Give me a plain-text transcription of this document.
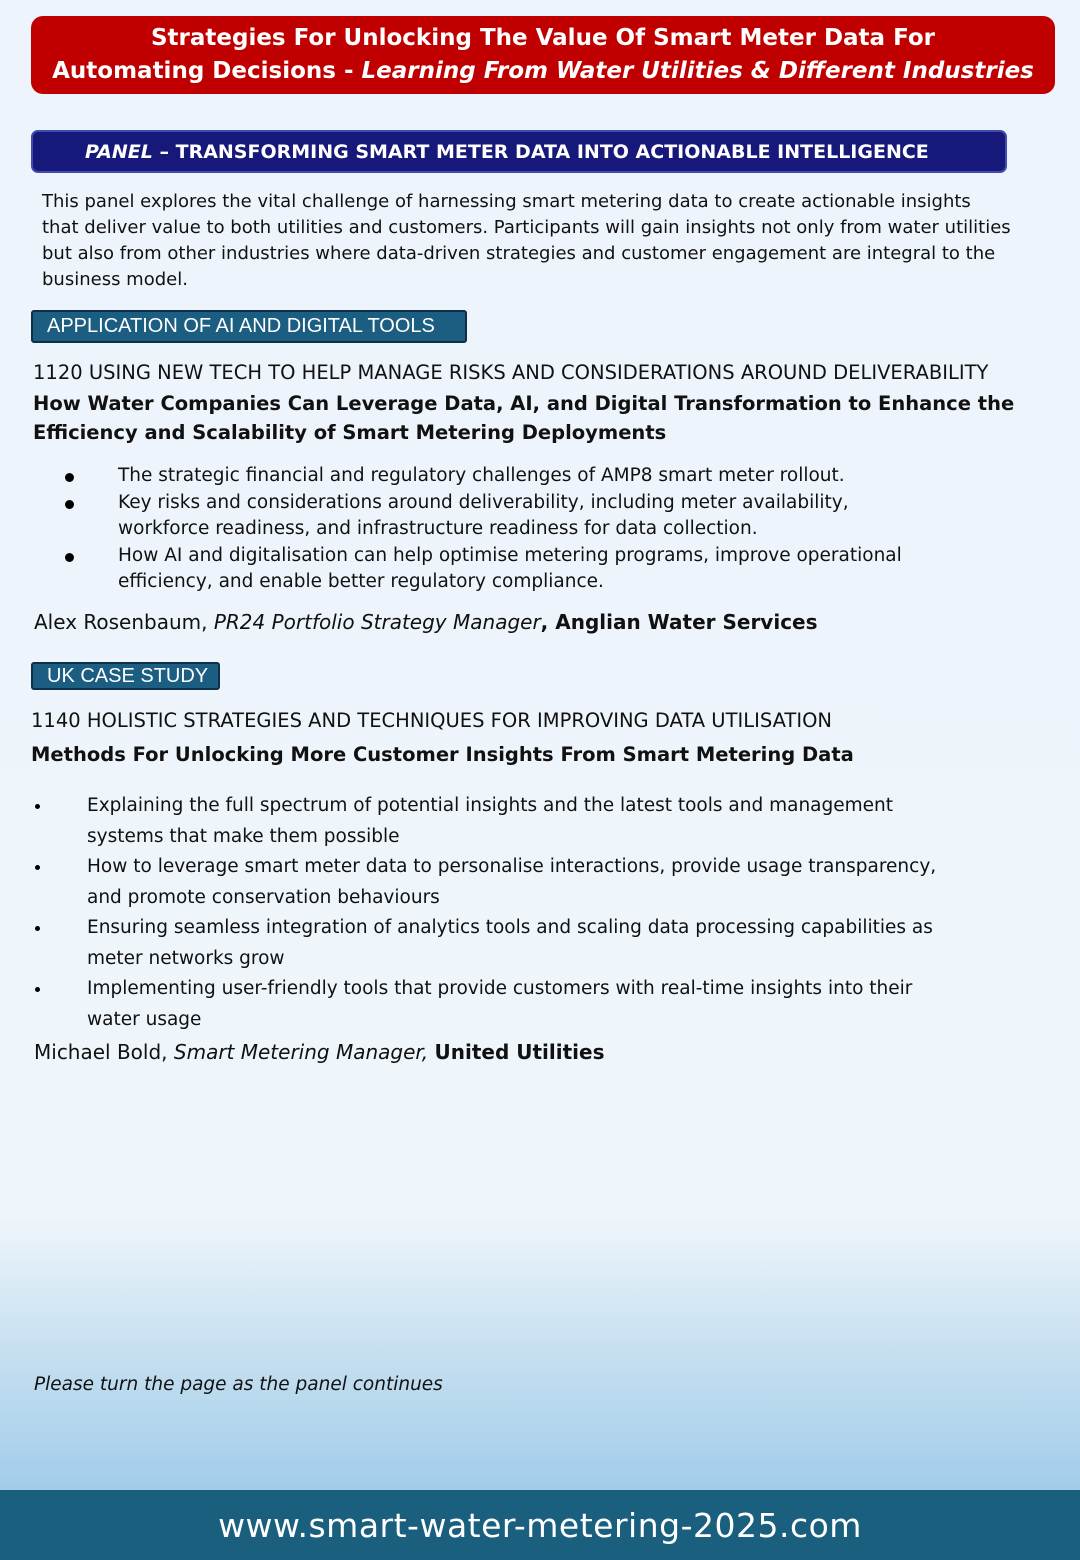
Strategies For Unlocking The Value Of Smart Meter Data For
Automating Decisions - Learning From Water Utilities & Different Industries
PANEL – TRANSFORMING SMART METER DATA INTO ACTIONABLE INTELLIGENCE
This panel explores the vital challenge of harnessing smart metering data to create actionable insights that deliver value to both utilities and customers. Participants will gain insights not only from water utilities but also from other industries where data-driven strategies and customer engagement are integral to the business model.
APPLICATION OF AI AND DIGITAL TOOLS
1120 USING NEW TECH TO HELP MANAGE RISKS AND CONSIDERATIONS AROUND DELIVERABILITY
How Water Companies Can Leverage Data, AI, and Digital Transformation to Enhance the Efficiency and Scalability of Smart Metering Deployments
The strategic financial and regulatory challenges of AMP8 smart meter rollout.
Key risks and considerations around deliverability, including meter availability, workforce readiness, and infrastructure readiness for data collection.
How AI and digitalisation can help optimise metering programs, improve operational efficiency, and enable better regulatory compliance.
Alex Rosenbaum, PR24 Portfolio Strategy Manager, Anglian Water Services
UK CASE STUDY
1140 HOLISTIC STRATEGIES AND TECHNIQUES FOR IMPROVING DATA UTILISATION
Methods For Unlocking More Customer Insights From Smart Metering Data
Explaining the full spectrum of potential insights and the latest tools and management systems that make them possible
How to leverage smart meter data to personalise interactions, provide usage transparency, and promote conservation behaviours
Ensuring seamless integration of analytics tools and scaling data processing capabilities as meter networks grow
Implementing user-friendly tools that provide customers with real-time insights into their water usage
Michael Bold, Smart Metering Manager, United Utilities
Please turn the page as the panel continues
www.smart-water-metering-2025.com
